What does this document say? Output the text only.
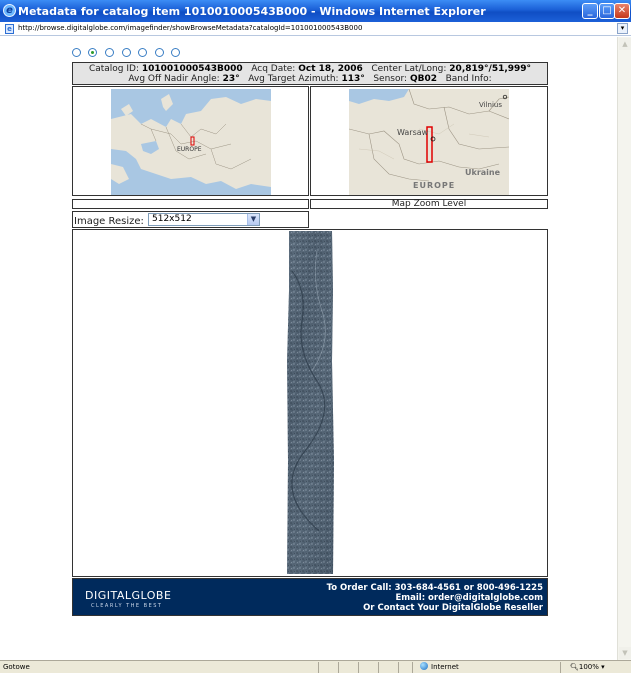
e Metadata for catalog item 101001000543B000 - Windows Internet Explorer	_ □ ✕
e http://browse.digitalglobe.com/imagefinder/showBrowseMetadata?catalogId=101001000543B000	▾
Catalog ID: 101001000543B000 Acq Date: Oct 18, 2006 Center Lat/Long: 20,819°/51,999°
Avg Off Nadir Angle: 23° Avg Target Azimuth: 113° Sensor: QB02 Band Info:
EUROPE
Warsaw
Vilnius
Ukraine
EUROPE
Map Zoom Level
Image Resize: 512x512	▼
DIGITALGLOBE
CLEARLY THE BEST
To Order Call: 303-684-4561 or 800-496-1225
Email: order@digitalglobe.com
Or Contact Your DigitalGlobe Reseller
▲
▼
Gotowe	Internet	🔍︎100% ▾
